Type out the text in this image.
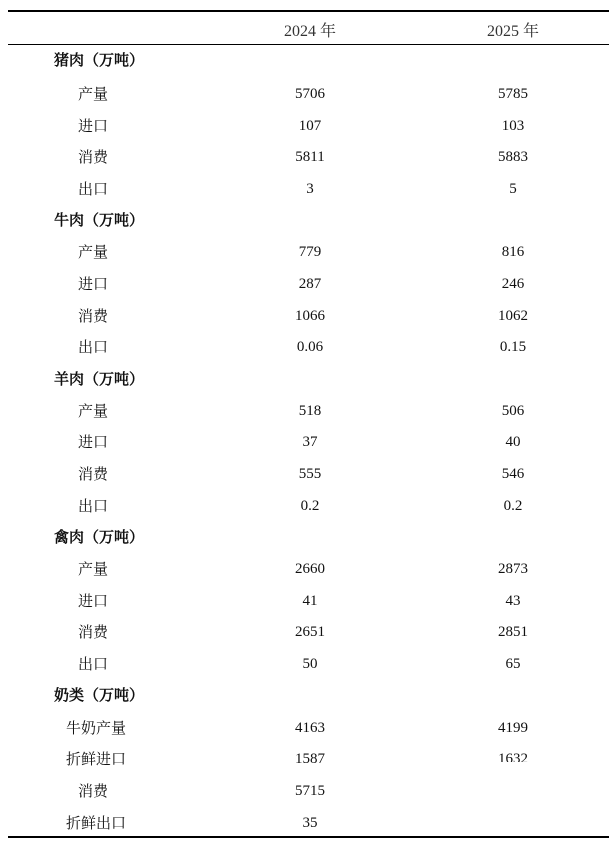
2024 年	2025 年
猪肉（万吨）
产量	5706	5785
进口	107	103
消费	5811	5883
出口	3	5
牛肉（万吨）
产量	779	816
进口	287	246
消费	1066	1062
出口	0.06	0.15
羊肉（万吨）
产量	518	506
进口	37	40
消费	555	546
出口	0.2	0.2
禽肉（万吨）
产量	2660	2873
进口	41	43
消费	2651	2851
出口	50	65
奶类（万吨）
牛奶产量	4163	4199
折鲜进口	1587	1632
消费	5715
折鲜出口	35
